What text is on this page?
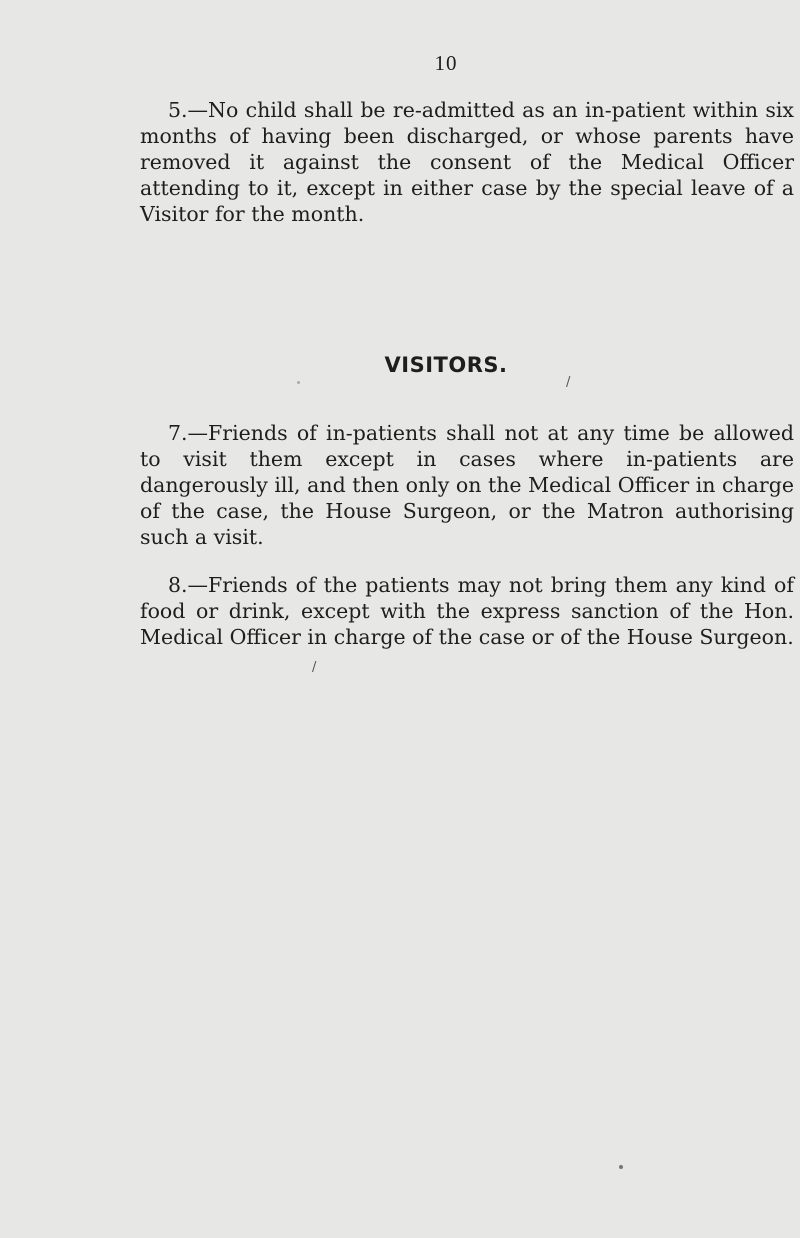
10

5.—No child shall be re-admitted as an in-patient within six months of having been discharged, or whose parents have removed it against the consent of the Medical Officer attending to it, except in either case by the special leave of a Visitor for the month.

VISITORS.
/

7.—Friends of in-patients shall not at any time be allowed to visit them except in cases where in-patients are dangerously ill, and then only on the Medical Officer in charge of the case, the House Surgeon, or the Matron authorising such a visit.

8.—Friends of the patients may not bring them any kind of food or drink, except with the express sanction of the Hon. Medical Officer in charge of the case or of the House Surgeon.

/
